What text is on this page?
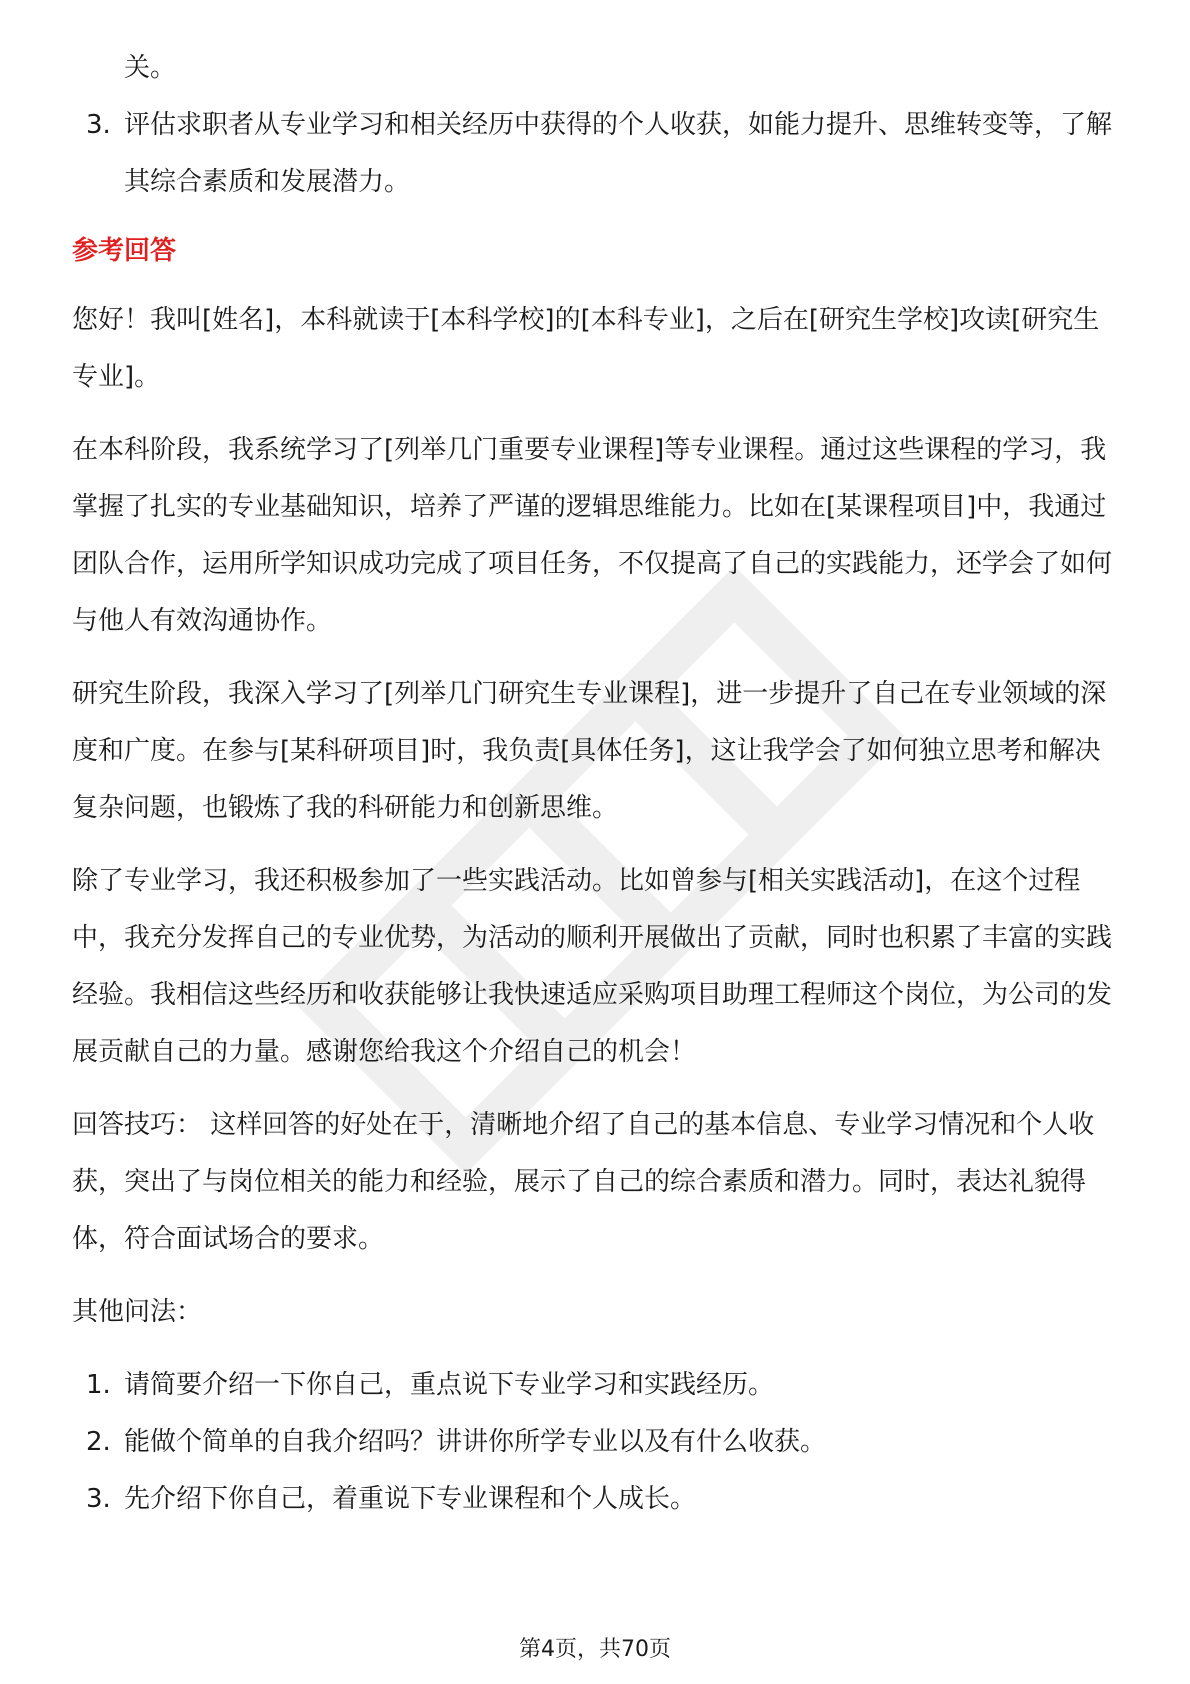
关。

3. 评估求职者从专业学习和相关经历中获得的个人收获，如能力提升、思维转变等，了解其综合素质和发展潜力。
参考回答

您好！我叫[姓名]，本科就读于[本科学校]的[本科专业]，之后在[研究生学校]攻读[研究生专业]。

在本科阶段，我系统学习了[列举几门重要专业课程]等专业课程。通过这些课程的学习，我掌握了扎实的专业基础知识，培养了严谨的逻辑思维能力。比如在[某课程项目]中，我通过团队合作，运用所学知识成功完成了项目任务，不仅提高了自己的实践能力，还学会了如何与他人有效沟通协作。

研究生阶段，我深入学习了[列举几门研究生专业课程]，进一步提升了自己在专业领域的深度和广度。在参与[某科研项目]时，我负责[具体任务]，这让我学会了如何独立思考和解决复杂问题，也锻炼了我的科研能力和创新思维。

除了专业学习，我还积极参加了一些实践活动。比如曾参与[相关实践活动]，在这个过程中，我充分发挥自己的专业优势，为活动的顺利开展做出了贡献，同时也积累了丰富的实践经验。我相信这些经历和收获能够让我快速适应采购项目助理工程师这个岗位，为公司的发展贡献自己的力量。感谢您给我这个介绍自己的机会！

回答技巧： 这样回答的好处在于，清晰地介绍了自己的基本信息、专业学习情况和个人收获，突出了与岗位相关的能力和经验，展示了自己的综合素质和潜力。同时，表达礼貌得体，符合面试场合的要求。

其他问法：

1. 请简要介绍一下你自己，重点说下专业学习和实践经历。
2. 能做个简单的自我介绍吗？讲讲你所学专业以及有什么收获。
3. 先介绍下你自己，着重说下专业课程和个人成长。
第4页，共70页
